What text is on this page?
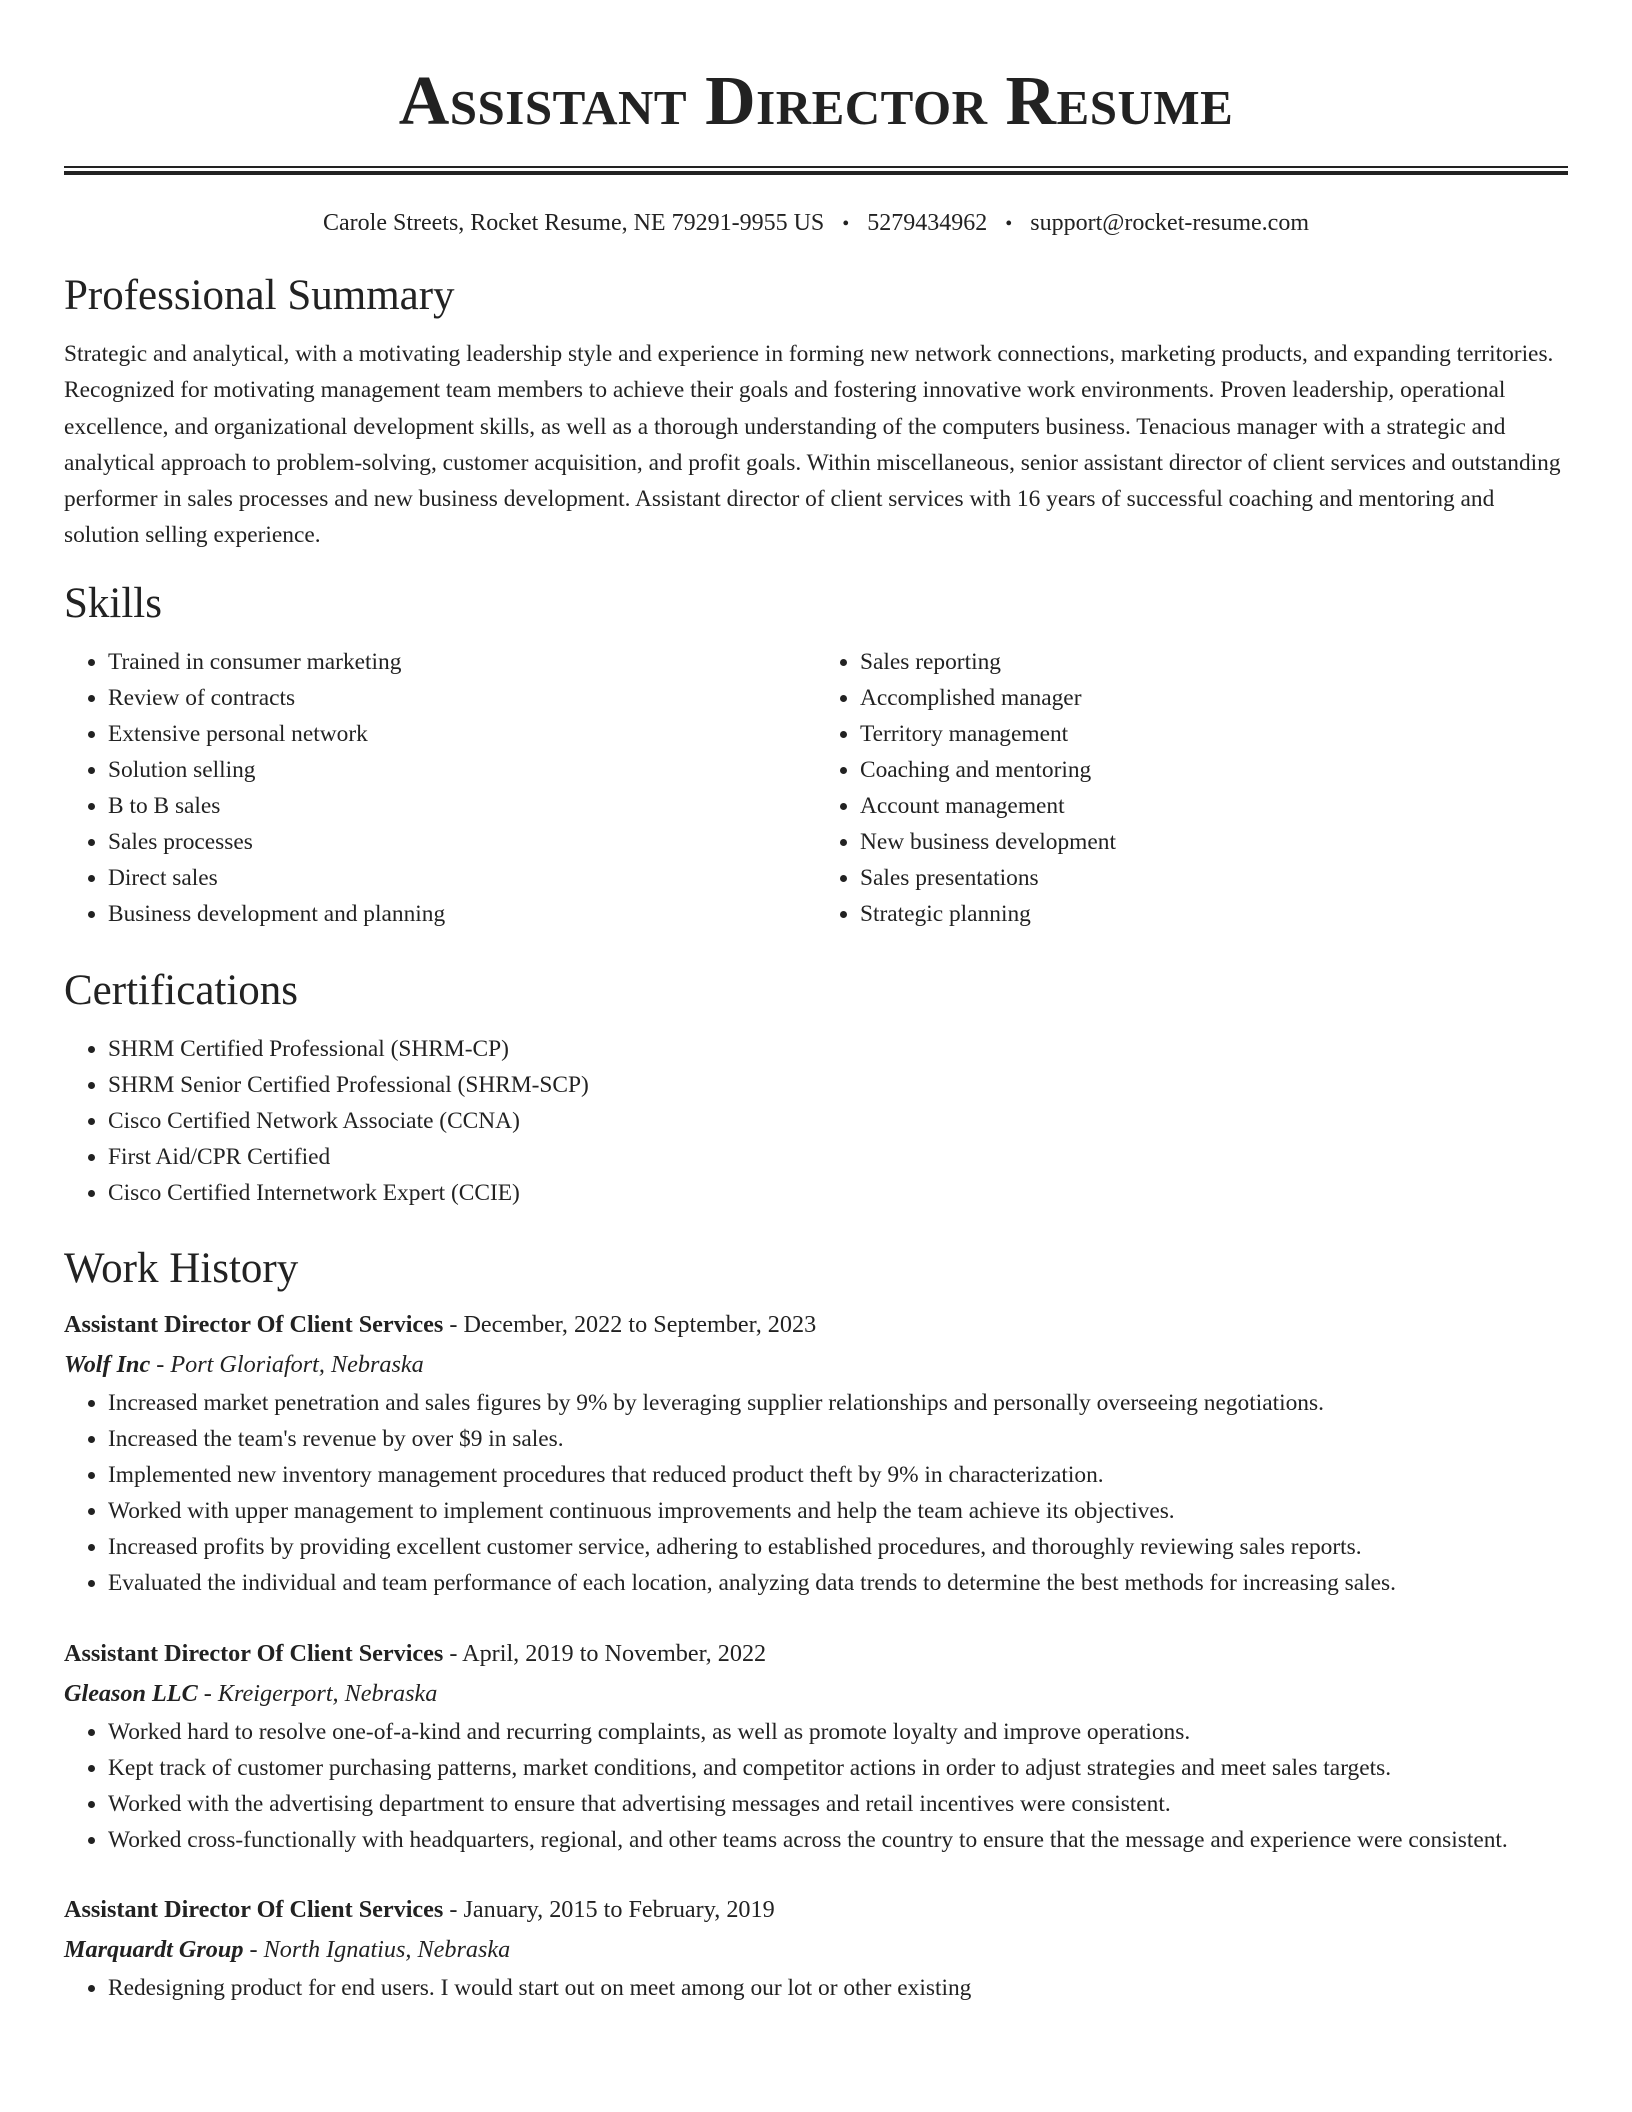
Assistant Director Resume
Carole Streets, Rocket Resume, NE 79291-9955 US • 5279434962 • support@rocket-resume.com
Professional Summary

Strategic and analytical, with a motivating leadership style and experience in forming new network connections, marketing products, and expanding territories. Recognized for motivating management team members to achieve their goals and fostering innovative work environments. Proven leadership, operational excellence, and organizational development skills, as well as a thorough understanding of the computers business. Tenacious manager with a strategic and analytical approach to problem-solving, customer acquisition, and profit goals. Within miscellaneous, senior assistant director of client services and outstanding performer in sales processes and new business development. Assistant director of client services with 16 years of successful coaching and mentoring and solution selling experience.

Skills
• Trained in consumer marketing
• Review of contracts
• Extensive personal network
• Solution selling
• B to B sales
• Sales processes
• Direct sales
• Business development and planning
• Sales reporting
• Accomplished manager
• Territory management
• Coaching and mentoring
• Account management
• New business development
• Sales presentations
• Strategic planning
Certifications
• SHRM Certified Professional (SHRM-CP)
• SHRM Senior Certified Professional (SHRM-SCP)
• Cisco Certified Network Associate (CCNA)
• First Aid/CPR Certified
• Cisco Certified Internetwork Expert (CCIE)
Work History
Assistant Director Of Client Services - December, 2022 to September, 2023
Wolf Inc - Port Gloriafort, Nebraska
• Increased market penetration and sales figures by 9% by leveraging supplier relationships and personally overseeing negotiations.
• Increased the team's revenue by over $9 in sales.
• Implemented new inventory management procedures that reduced product theft by 9% in characterization.
• Worked with upper management to implement continuous improvements and help the team achieve its objectives.
• Increased profits by providing excellent customer service, adhering to established procedures, and thoroughly reviewing sales reports.
• Evaluated the individual and team performance of each location, analyzing data trends to determine the best methods for increasing sales.
Assistant Director Of Client Services - April, 2019 to November, 2022
Gleason LLC - Kreigerport, Nebraska
• Worked hard to resolve one-of-a-kind and recurring complaints, as well as promote loyalty and improve operations.
• Kept track of customer purchasing patterns, market conditions, and competitor actions in order to adjust strategies and meet sales targets.
• Worked with the advertising department to ensure that advertising messages and retail incentives were consistent.
• Worked cross-functionally with headquarters, regional, and other teams across the country to ensure that the message and experience were consistent.
Assistant Director Of Client Services - January, 2015 to February, 2019
Marquardt Group - North Ignatius, Nebraska
• Redesigning product for end users. I would start out on meet among our lot or other existing
